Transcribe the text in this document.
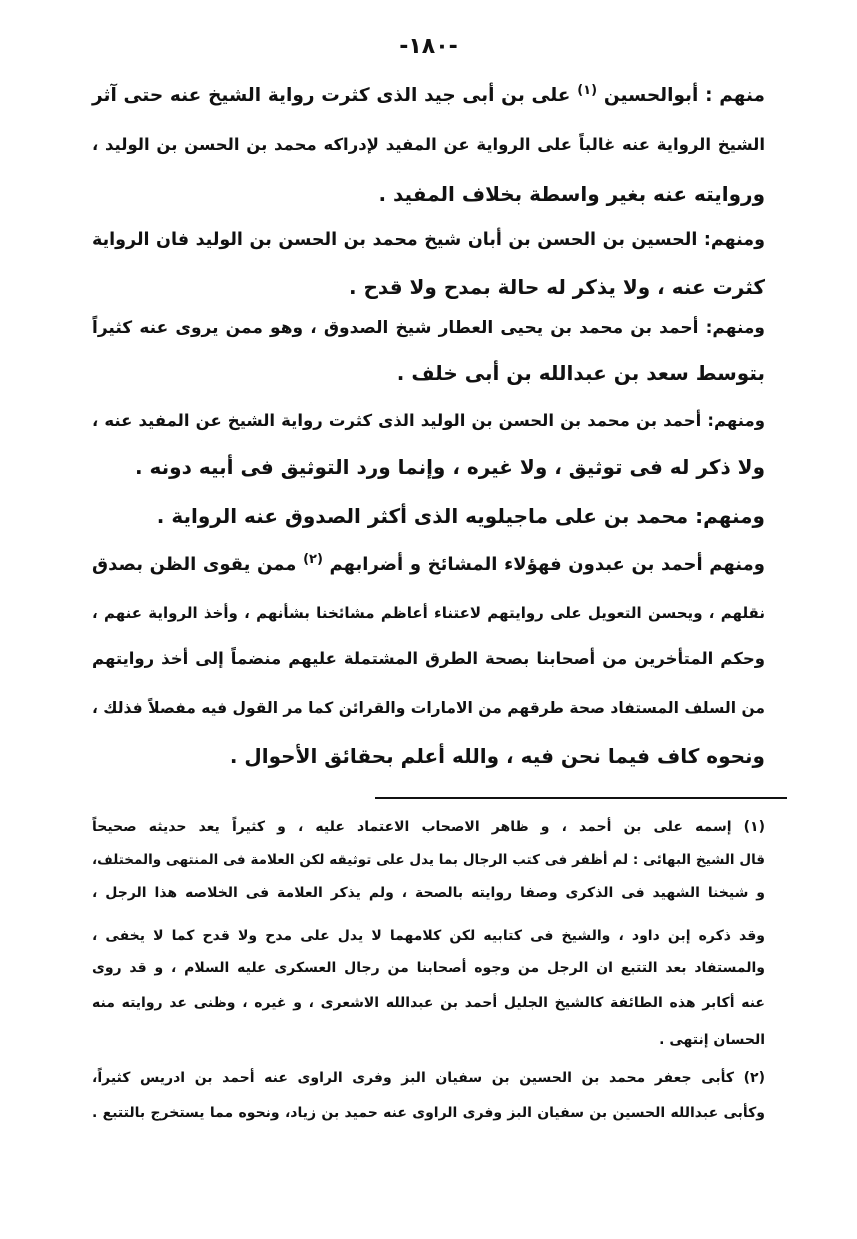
-١٨٠-
منهم : أبوالحسين $^{(١)}$ على بن أبى جيد الذى كثرت رواية الشيخ عنه حتى آثر
الشيخ الرواية عنه غالباً على الرواية عن المفيد لإدراكه محمد بن الحسن بن الوليد ،
وروايته عنه بغير واسطة بخلاف المفيد .
ومنهم: الحسين بن الحسن بن أبان شيخ محمد بن الحسن بن الوليد فان الرواية
كثرت عنه ، ولا يذكر له حالة بمدح ولا قدح .
ومنهم: أحمد بن محمد بن يحيى العطار شيخ الصدوق ، وهو ممن يروى عنه كثيراً
بتوسط سعد بن عبدالله بن أبى خلف .
ومنهم: أحمد بن محمد بن الحسن بن الوليد الذى كثرت رواية الشيخ عن المفيد عنه ،
ولا ذكر له فى توثيق ، ولا غيره ، وإنما ورد التوثيق فى أبيه دونه .
ومنهم: محمد بن على ماجيلويه الذى أكثر الصدوق عنه الرواية .
ومنهم أحمد بن عبدون فهؤلاء المشائخ و أضرابهم $^{(٢)}$ ممن يقوى الظن بصدق
نقلهم ، ويحسن التعويل على روايتهم لاعتناء أعاظم مشائخنا بشأنهم ، وأخذ الرواية عنهم ،
وحكم المتأخرين من أصحابنا بصحة الطرق المشتملة عليهم منضماً إلى أخذ روايتهم
من السلف المستفاد صحة طرقهم من الامارات والقرائن كما مر القول فيه مفصلاً فذلك ،
ونحوه كاف فيما نحن فيه ، والله أعلم بحقائق الأحوال .
(١) إسمه على بن أحمد ، و ظاهر الاصحاب الاعتماد عليه ، و كثيراً يعد حديثه صحيحاً
قال الشيخ البهائى : لم أظفر فى كتب الرجال بما يدل على توثيقه لكن العلامة فى المنتهى والمختلف،
و شيخنا الشهيد فى الذكرى وصفا روايته بالصحة ، ولم يذكر العلامة فى الخلاصه هذا الرجل ،
وقد ذكره إبن داود ، والشيخ فى كتابيه لكن كلامهما لا يدل على مدح ولا قدح كما لا يخفى ،
والمستفاد بعد التتبع ان الرجل من وجوه أصحابنا من رجال العسكرى عليه السلام ، و قد روى
عنه أكابر هذه الطائفة كالشيخ الجليل أحمد بن عبدالله الاشعرى ، و غيره ، وظنى عد روايته منه
الحسان إنتهى .
(٢) كأبى جعفر محمد بن الحسين بن سفيان البز وفرى الراوى عنه أحمد بن ادريس كثيراً،
وكأبى عبدالله الحسين بن سفيان البز وفرى الراوى عنه حميد بن زياد، ونحوه مما يستخرج بالتتبع .
